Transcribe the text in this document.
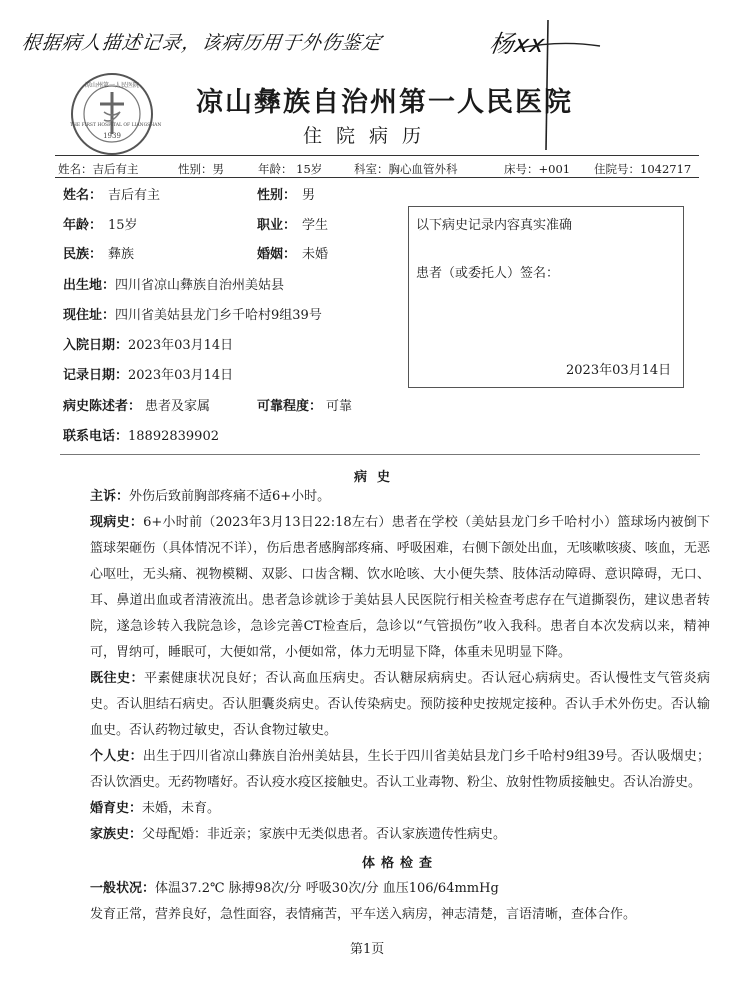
根据病人描述记录，该病历用于外伤鉴定	杨xx
凉山州第一人民医院
THE FIRST HOSPITAL OF LIANGSHAN
1939
凉山彝族自治州第一人民医院
住院病历
姓名：吉后有主	性别：男	年龄： 15岁	科室：胸心血管外科	床号：+001 住院号：1042717
姓名： 吉后有主	性别： 男
年龄： 15岁	职业： 学生
民族： 彝族	婚姻： 未婚
出生地：四川省凉山彝族自治州美姑县
现住址：四川省美姑县龙门乡千哈村9组39号
入院日期：2023年03月14日
记录日期：2023年03月14日
病史陈述者： 患者及家属	可靠程度： 可靠
联系电话：18892839902
以下病史记录内容真实准确
患者（或委托人）签名：
2023年03月14日
病史
主诉：外伤后致前胸部疼痛不适6+小时。
现病史：6+小时前（2023年3月13日22:18左右）患者在学校（美姑县龙门乡千哈村小）篮球场内被倒下篮球架砸伤（具体情况不详），伤后患者感胸部疼痛、呼吸困难，右侧下颌处出血，无咳嗽咳痰、咳血，无恶心呕吐，无头痛、视物模糊、双影、口齿含糊、饮水呛咳、大小便失禁、肢体活动障碍、意识障碍，无口、耳、鼻道出血或者清液流出。患者急诊就诊于美姑县人民医院行相关检查考虑存在气道撕裂伤，建议患者转院，遂急诊转入我院急诊，急诊完善CT检查后，急诊以“气管损伤”收入我科。患者自本次发病以来，精神可，胃纳可，睡眠可，大便如常，小便如常，体力无明显下降，体重未见明显下降。
既往史：平素健康状况良好；否认高血压病史。否认糖尿病病史。否认冠心病病史。否认慢性支气管炎病史。否认胆结石病史。否认胆囊炎病史。否认传染病史。预防接种史按规定接种。否认手术外伤史。否认输血史。否认药物过敏史，否认食物过敏史。
个人史：出生于四川省凉山彝族自治州美姑县，生长于四川省美姑县龙门乡千哈村9组39号。否认吸烟史；否认饮酒史。无药物嗜好。否认疫水疫区接触史。否认工业毒物、粉尘、放射性物质接触史。否认冶游史。
婚育史：未婚，未育。
家族史：父母配婚：非近亲；家族中无类似患者。否认家族遗传性病史。
体格检查
一般状况：体温37.2℃ 脉搏98次/分 呼吸30次/分 血压106/64mmHg
发育正常，营养良好，急性面容，表情痛苦，平车送入病房，神志清楚，言语清晰，查体合作。
第1页
